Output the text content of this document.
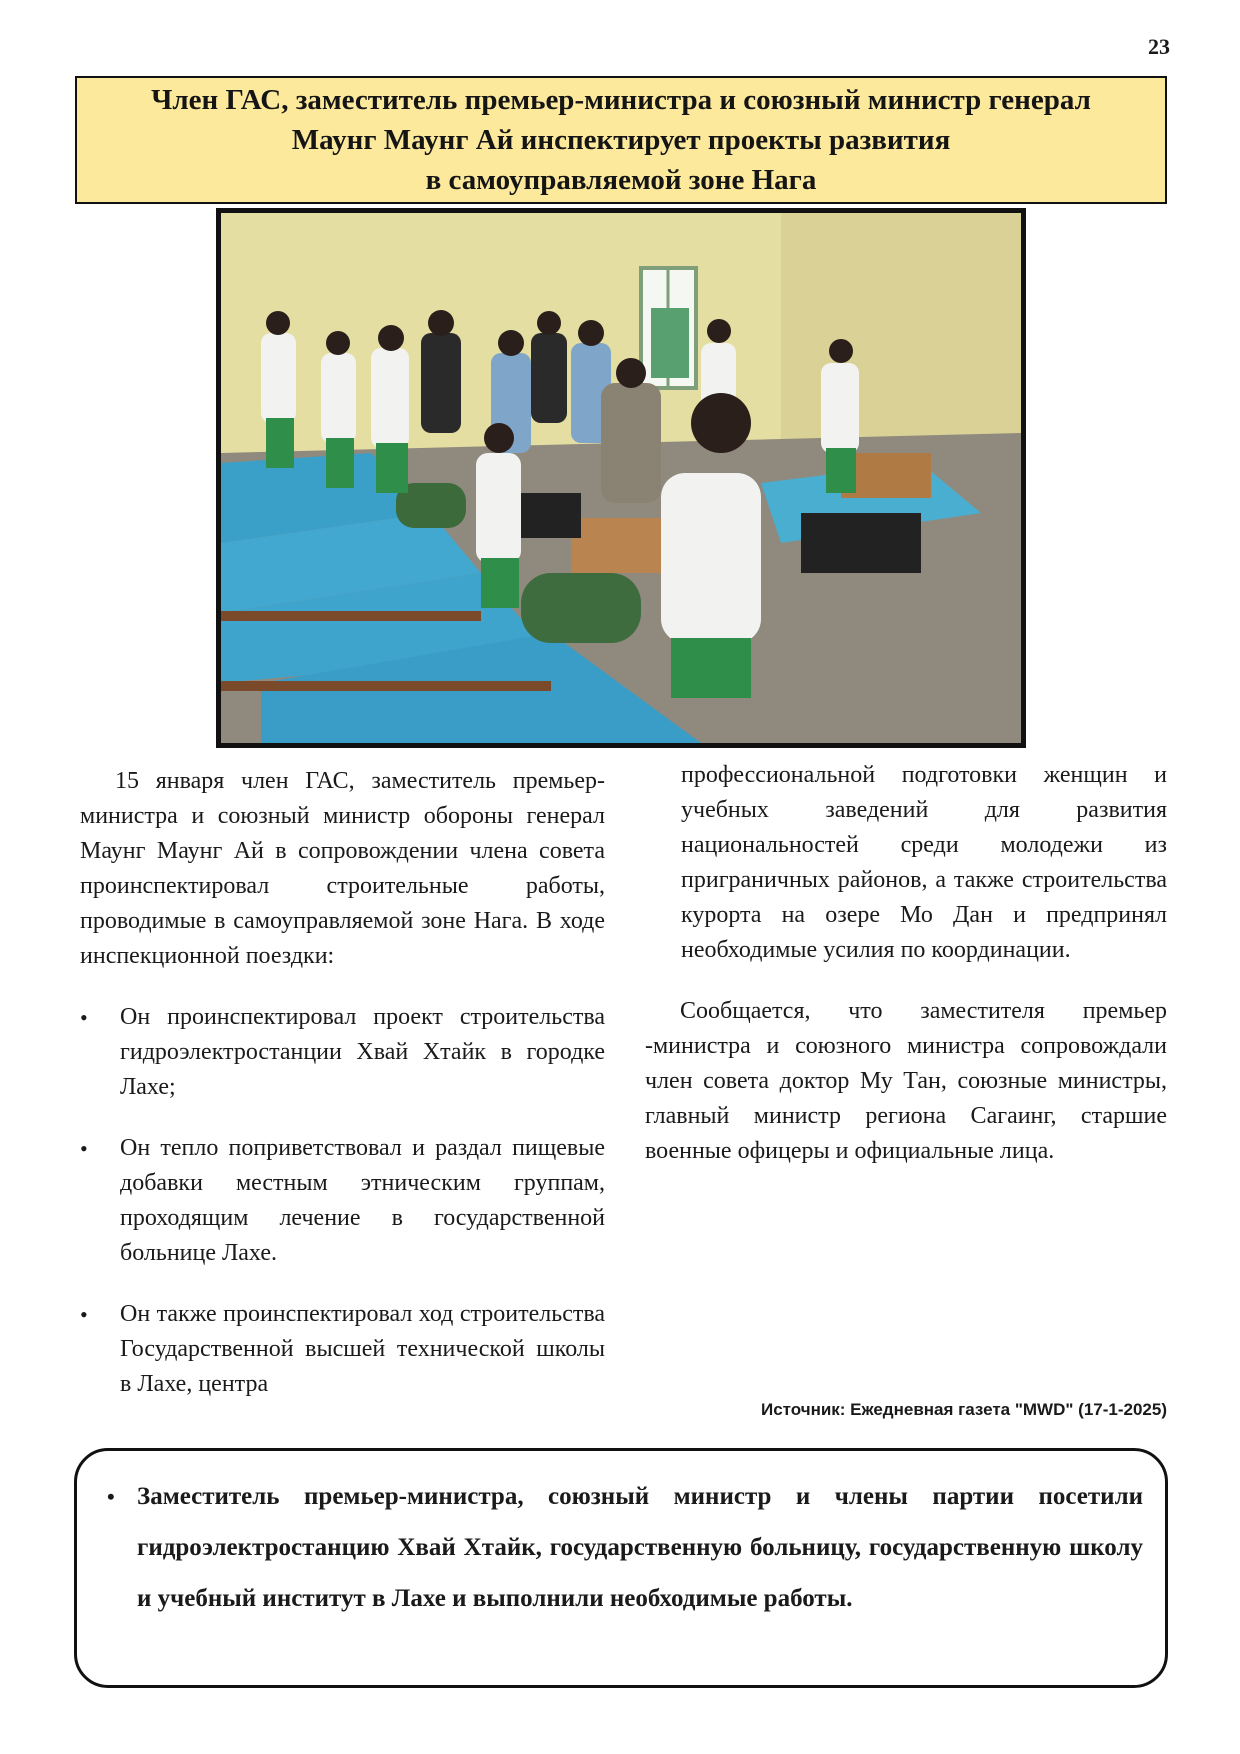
23
Член ГАС, заместитель премьер-министра и союзный министр генерал
Маунг Маунг Ай инспектирует проекты развития
в самоуправляемой зоне Нага

15 января член ГАС, заместитель премьер-министра и союзный министр обороны генерал Маунг Маунг Ай в сопровождении члена совета проинспектировал строительные работы, проводимые в самоуправляемой зоне Нага. В ходе инспекционной поездки:

• Он проинспектировал проект строительства гидроэлектростанции Хвай Хтайк в городке Лахе;
• Он тепло поприветствовал и раздал пищевые добавки местным этническим группам, проходящим лечение в государственной больнице Лахе.
• Он также проинспектировал ход строительства Государственной высшей технической школы в Лахе, центра

профессиональной подготовки женщин и учебных заведений для развития национальностей среди молодежи из приграничных районов, а также строительства курорта на озере Мо Дан и предпринял необходимые усилия по координации.

Сообщается, что заместителя премьер -министра и союзного министра сопровождали член совета доктор Му Тан, союзные министры, главный министр региона Сагаинг, старшие военные офицеры и официальные лица.

Источник: Ежедневная газета "MWD" (17-1-2025)
• Заместитель премьер-министра, союзный министр и члены партии посетили гидроэлектростанцию Хвай Хтайк, государственную больницу, государственную школу и учебный институт в Лахе и выполнили необходимые работы.
